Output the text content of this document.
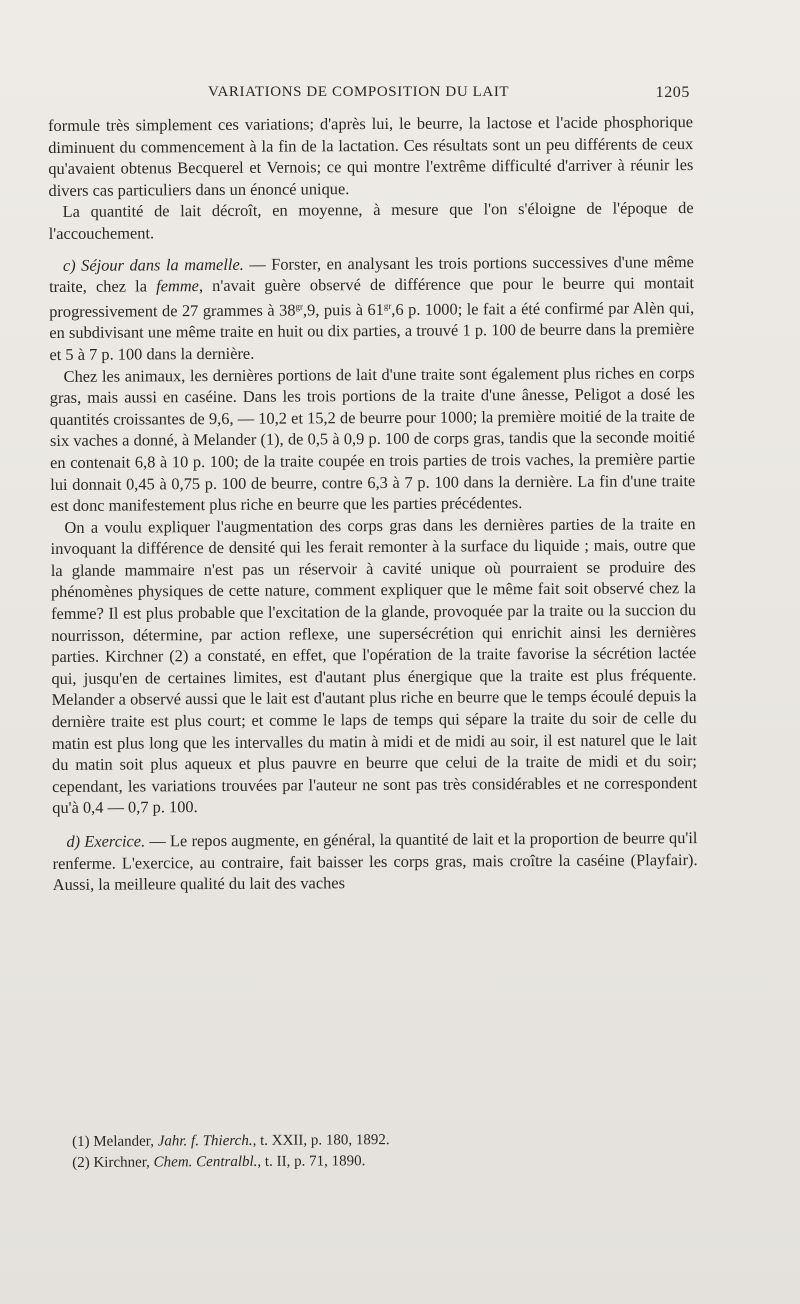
VARIATIONS DE COMPOSITION DU LAIT	1205

formule très simplement ces variations; d'après lui, le beurre, la lactose et l'acide phosphorique diminuent du commencement à la fin de la lactation. Ces résultats sont un peu différents de ceux qu'avaient obtenus Becquerel et Vernois; ce qui montre l'extrême difficulté d'arriver à réunir les divers cas particuliers dans un énoncé unique.

La quantité de lait décroît, en moyenne, à mesure que l'on s'éloigne de l'époque de l'accouchement.

c) Séjour dans la mamelle. — Forster, en analysant les trois portions successives d'une même traite, chez la femme, n'avait guère observé de différence que pour le beurre qui montait progressivement de 27 grammes à $38^{gr},9$, puis à $61^{gr},6$ p. 1000; le fait a été confirmé par Alèn qui, en subdivisant une même traite en huit ou dix parties, a trouvé 1 p. 100 de beurre dans la première et 5 à 7 p. 100 dans la dernière.

Chez les animaux, les dernières portions de lait d'une traite sont également plus riches en corps gras, mais aussi en caséine. Dans les trois portions de la traite d'une ânesse, Peligot a dosé les quantités croissantes de 9,6, — 10,2 et 15,2 de beurre pour 1000; la première moitié de la traite de six vaches a donné, à Melander (1), de 0,5 à 0,9 p. 100 de corps gras, tandis que la seconde moitié en contenait 6,8 à 10 p. 100; de la traite coupée en trois parties de trois vaches, la première partie lui donnait 0,45 à 0,75 p. 100 de beurre, contre 6,3 à 7 p. 100 dans la dernière. La fin d'une traite est donc manifestement plus riche en beurre que les parties précédentes.

On a voulu expliquer l'augmentation des corps gras dans les dernières parties de la traite en invoquant la différence de densité qui les ferait remonter à la surface du liquide ; mais, outre que la glande mammaire n'est pas un réservoir à cavité unique où pourraient se produire des phénomènes physiques de cette nature, comment expliquer que le même fait soit observé chez la femme? Il est plus probable que l'excitation de la glande, provoquée par la traite ou la succion du nourrisson, détermine, par action reflexe, une supersécrétion qui enrichit ainsi les dernières parties. Kirchner (2) a constaté, en effet, que l'opération de la traite favorise la sécrétion lactée qui, jusqu'en de certaines limites, est d'autant plus énergique que la traite est plus fréquente. Melander a observé aussi que le lait est d'autant plus riche en beurre que le temps écoulé depuis la dernière traite est plus court; et comme le laps de temps qui sépare la traite du soir de celle du matin est plus long que les intervalles du matin à midi et de midi au soir, il est naturel que le lait du matin soit plus aqueux et plus pauvre en beurre que celui de la traite de midi et du soir; cependant, les variations trouvées par l'auteur ne sont pas très considérables et ne correspondent qu'à 0,4 — 0,7 p. 100.

d) Exercice. — Le repos augmente, en général, la quantité de lait et la proportion de beurre qu'il renferme. L'exercice, au contraire, fait baisser les corps gras, mais croître la caséine (Playfair). Aussi, la meilleure qualité du lait des vaches

(1) Melander, Jahr. f. Thierch., t. XXII, p. 180, 1892.

(2) Kirchner, Chem. Centralbl., t. II, p. 71, 1890.
